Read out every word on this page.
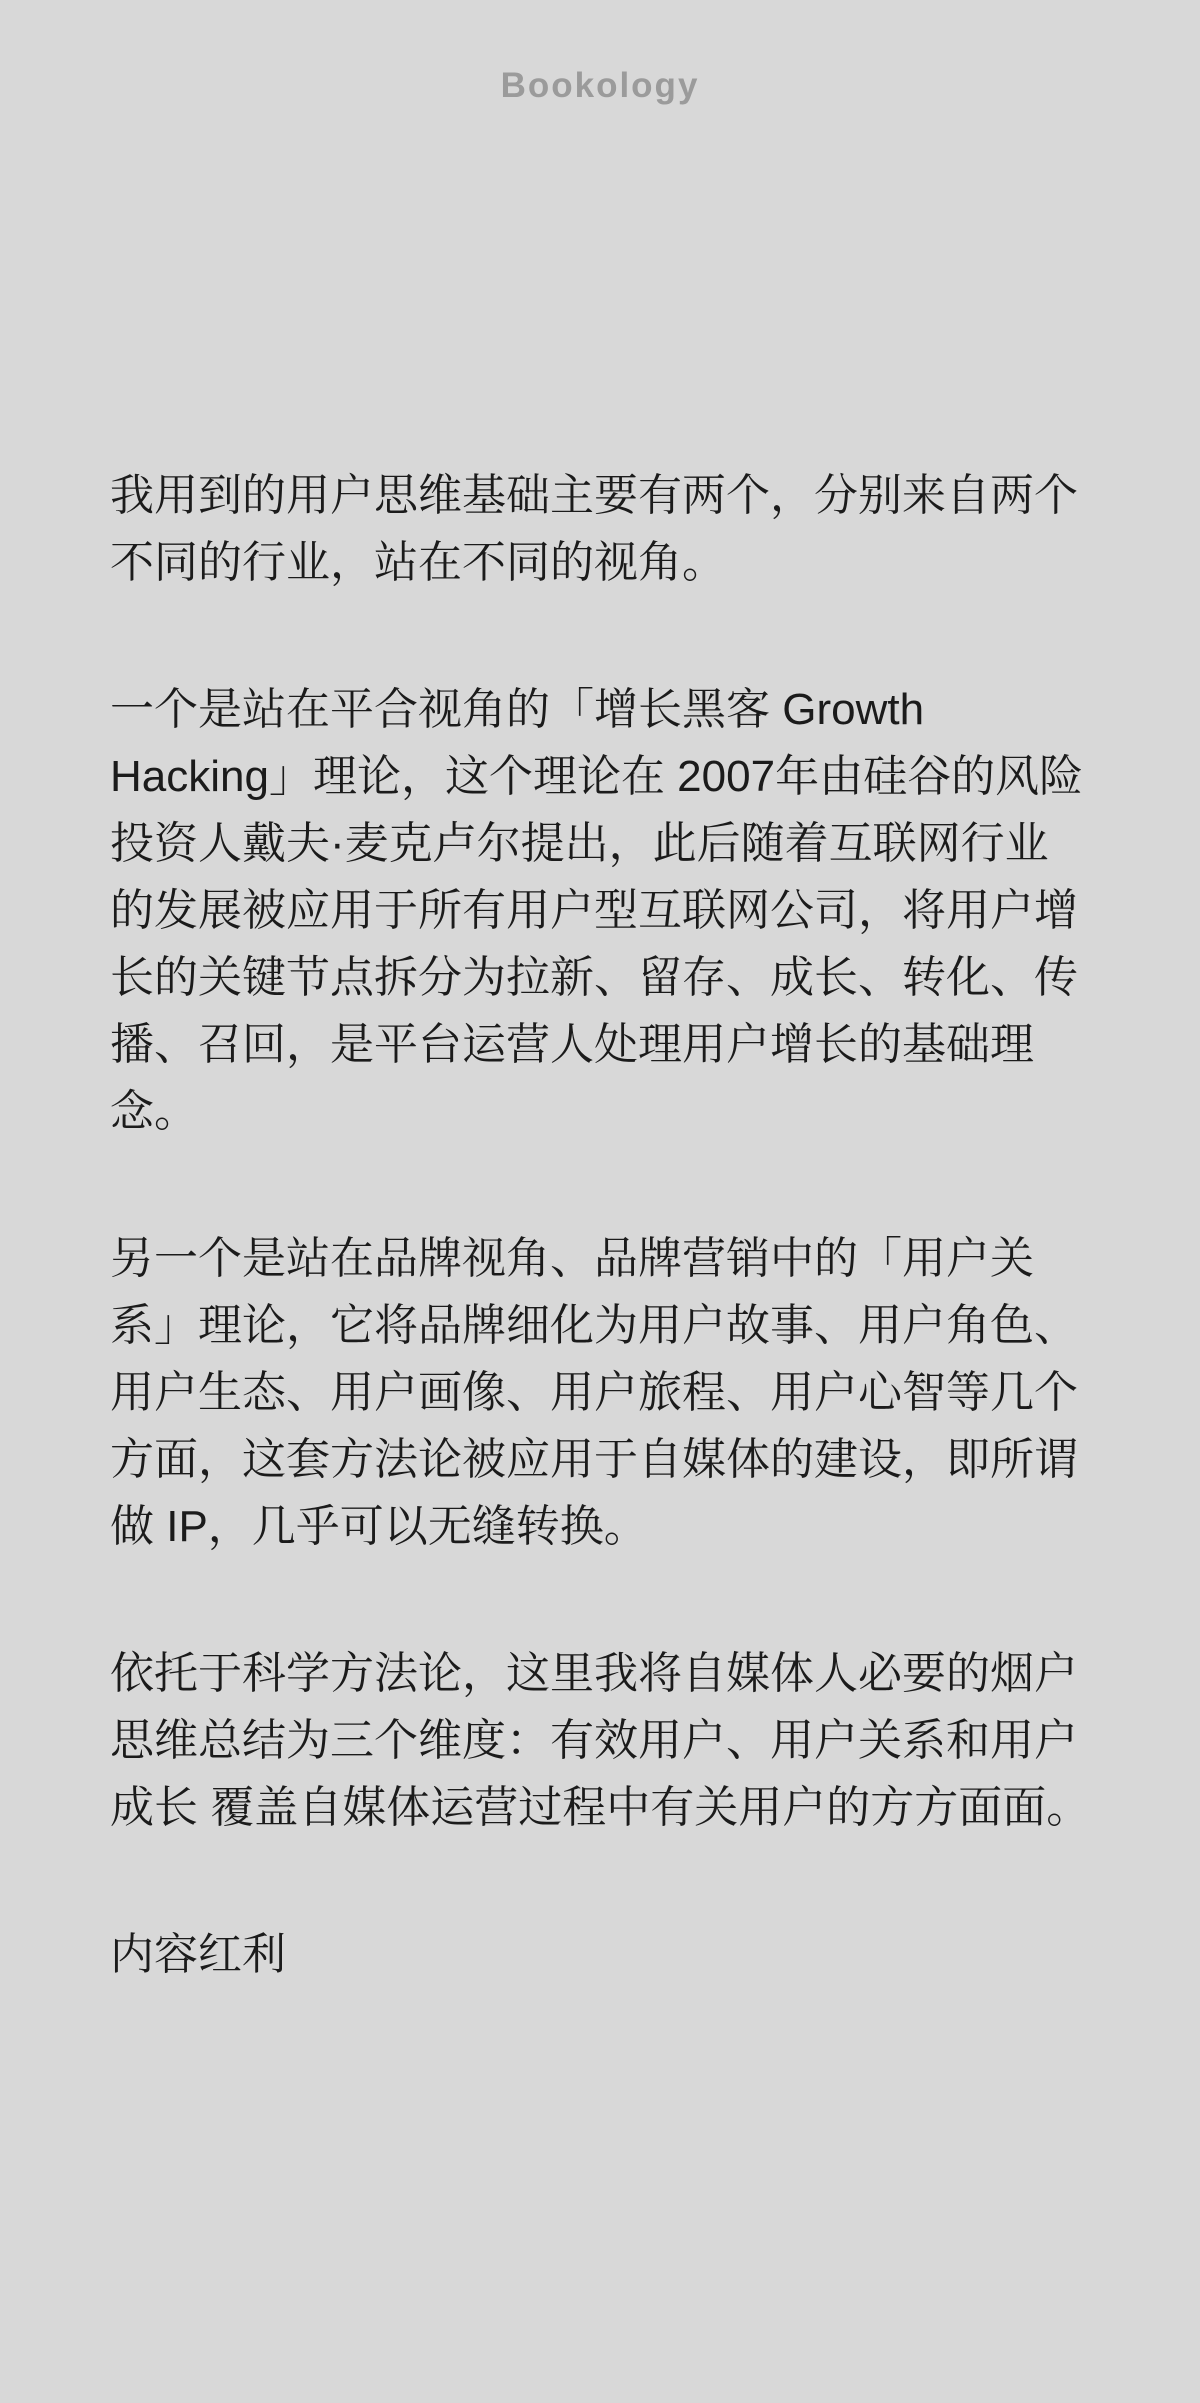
Bookology

我用到的用户思维基础主要有两个，分别来自两个不同的行业，站在不同的视角。

一个是站在平合视角的「增长黑客 Growth Hacking」理论，这个理论在 2007年由硅谷的风险投资人戴夫·麦克卢尔提出，此后随着互联网行业的发展被应用于所有用户型互联网公司，将用户增长的关键节点拆分为拉新、留存、成长、转化、传播、召回，是平台运营人处理用户增长的基础理念。

另一个是站在品牌视角、品牌营销中的「用户关系」理论，它将品牌细化为用户故事、用户角色、用户生态、用户画像、用户旅程、用户心智等几个方面，这套方法论被应用于自媒体的建设，即所谓做 IP，几乎可以无缝转换。

依托于科学方法论，这里我将自媒体人必要的烟户思维总结为三个维度：有效用户、用户关系和用户成长 覆盖自媒体运营过程中有关用户的方方面面。

内容红利
